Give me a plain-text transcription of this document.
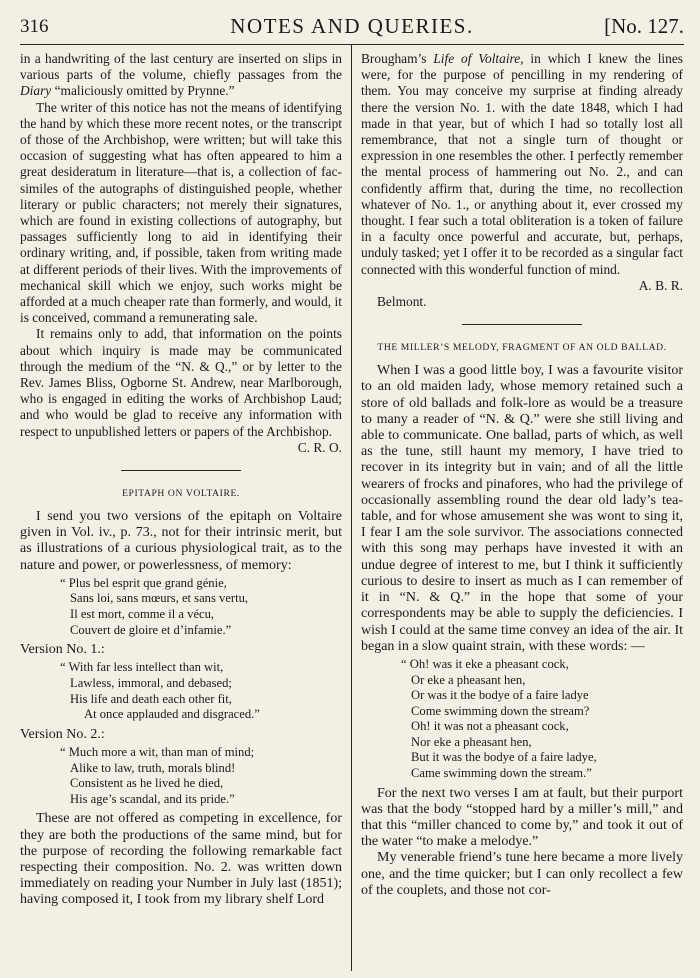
316	NOTES AND QUERIES.	[No. 127.

in a handwriting of the last century are inserted on slips in various parts of the volume, chiefly passages from the Diary “maliciously omitted by Prynne.”

The writer of this notice has not the means of identifying the hand by which these more recent notes, or the transcript of those of the Archbishop, were written; but will take this occasion of suggesting what has often appeared to him a great desideratum in literature—that is, a collection of fac-similes of the autographs of distinguished people, whether literary or public characters; not merely their signatures, which are found in existing collections of autography, but passages sufficiently long to aid in identifying their ordinary writing, and, if possible, taken from writing made at different periods of their lives. With the improvements of mechanical skill which we enjoy, such works might be afforded at a much cheaper rate than formerly, and would, it is conceived, command a remunerating sale.

It remains only to add, that information on the points about which inquiry is made may be communicated through the medium of the “N. & Q.,” or by letter to the Rev. James Bliss, Ogborne St. Andrew, near Marlborough, who is engaged in editing the works of Archbishop Laud; and who would be glad to receive any information with respect to unpublished letters or papers of the Archbishop.

C. R. O.

EPITAPH ON VOLTAIRE.

I send you two versions of the epitaph on Voltaire given in Vol. iv., p. 73., not for their intrinsic merit, but as illustrations of a curious physiological trait, as to the nature and power, or powerlessness, of memory:

“ Plus bel esprit que grand génie,
Sans loi, sans mœurs, et sans vertu,
Il est mort, comme il a vécu,
Couvert de gloire et d’infamie.”

Version No. 1.:

“ With far less intellect than wit,
Lawless, immoral, and debased;
His life and death each other fit,
At once applauded and disgraced.”

Version No. 2.:

“ Much more a wit, than man of mind;
Alike to law, truth, morals blind!
Consistent as he lived he died,
His age’s scandal, and its pride.”

These are not offered as competing in excellence, for they are both the productions of the same mind, but for the purpose of recording the following remarkable fact respecting their composition. No. 2. was written down immediately on reading your Number in July last (1851); having composed it, I took from my library shelf Lord

Brougham’s Life of Voltaire, in which I knew the lines were, for the purpose of pencilling in my rendering of them. You may conceive my surprise at finding already there the version No. 1. with the date 1848, which I had made in that year, but of which I had so totally lost all remembrance, that not a single turn of thought or expression in one resembles the other. I perfectly remember the mental process of hammering out No. 2., and can confidently affirm that, during the time, no recollection whatever of No. 1., or anything about it, ever crossed my thought. I fear such a total obliteration is a token of failure in a faculty once powerful and accurate, but, perhaps, unduly tasked; yet I offer it to be recorded as a singular fact connected with this wonderful function of mind.

A. B. R.

Belmont.

THE MILLER’S MELODY, FRAGMENT OF AN OLD BALLAD.

When I was a good little boy, I was a favourite visitor to an old maiden lady, whose memory retained such a store of old ballads and folk-lore as would be a treasure to many a reader of “N. & Q.” were she still living and able to communicate. One ballad, parts of which, as well as the tune, still haunt my memory, I have tried to recover in its integrity but in vain; and of all the little wearers of frocks and pinafores, who had the privilege of occasionally assembling round the dear old lady’s tea-table, and for whose amusement she was wont to sing it, I fear I am the sole survivor. The associations connected with this song may perhaps have invested it with an undue degree of interest to me, but I think it sufficiently curious to desire to insert as much as I can remember of it in “N. & Q.” in the hope that some of your correspondents may be able to supply the deficiencies. I wish I could at the same time convey an idea of the air. It began in a slow quaint strain, with these words: —

“ Oh! was it eke a pheasant cock,
Or eke a pheasant hen,
Or was it the bodye of a faire ladye
Come swimming down the stream?
Oh! it was not a pheasant cock,
Nor eke a pheasant hen,
But it was the bodye of a faire ladye,
Came swimming down the stream.”

For the next two verses I am at fault, but their purport was that the body “stopped hard by a miller’s mill,” and that this “miller chanced to come by,” and took it out of the water “to make a melodye.”

My venerable friend’s tune here became a more lively one, and the time quicker; but I can only recollect a few of the couplets, and those not cor-
